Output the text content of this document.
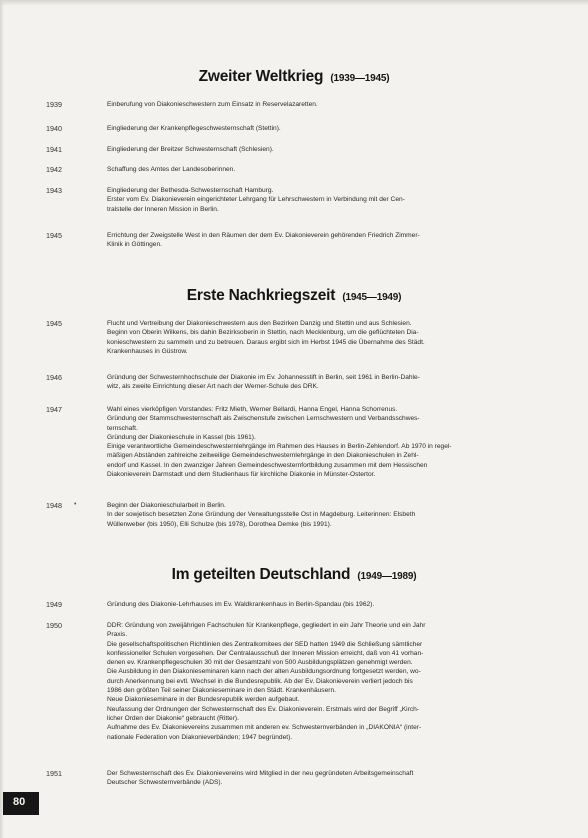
Zweiter Weltkrieg (1939—1945)
1939	Einberufung von Diakonieschwestern zum Einsatz in Reservelazaretten.
1940	Eingliederung der Krankenpflegeschwesternschaft (Stettin).
1941	Eingliederung der Breitzer Schwesternschaft (Schlesien).
1942	Schaffung des Amtes der Landesoberinnen.
1943	Eingliederung der Bethesda-Schwesternschaft Hamburg.
Erster vom Ev. Diakonieverein eingerichteter Lehrgang für Lehrschwestern in Verbindung mit der Cen-
tralstelle der Inneren Mission in Berlin.
1945	Errichtung der Zweigstelle West in den Räumen der dem Ev. Diakonieverein gehörenden Friedrich Zimmer-
Klinik in Göttingen.
Erste Nachkriegszeit (1945—1949)
1945	Flucht und Vertreibung der Diakonieschwestern aus den Bezirken Danzig und Stettin und aus Schlesien.
Beginn von Oberin Wilkens, bis dahin Bezirksoberin in Stettin, nach Mecklenburg, um die geflüchteten Dia-
konieschwestern zu sammeln und zu betreuen. Daraus ergibt sich im Herbst 1945 die Übernahme des Städt.
Krankenhauses in Güstrow.
1946	Gründung der Schwesternhochschule der Diakonie im Ev. Johannesstift in Berlin, seit 1961 in Berlin-Dahle-
witz, als zweite Einrichtung dieser Art nach der Werner-Schule des DRK.
1947	Wahl eines vierköpfigen Vorstandes: Fritz Mieth, Werner Bellardi, Hanna Engel, Hanna Schorrenus.
Gründung der Stammschwesternschaft als Zwischenstufe zwischen Lernschwestern und Verbandsschwes-
ternschaft.
Gründung der Diakonieschule in Kassel (bis 1961).
Einige verantwortliche Gemeindeschwesternlehrgänge im Rahmen des Hauses in Berlin-Zehlendorf. Ab 1970 in regel-
mäßigen Abständen zahlreiche zeitweilige Gemeindeschwesternlehrgänge in den Diakonieschulen in Zehl-
endorf und Kassel. In den zwanziger Jahren Gemeindeschwesternfortbildung zusammen mit dem Hessischen
Diakonieverein Darmstadt und dem Studienhaus für kirchliche Diakonie in Münster-Ostertor.
1948 •	Beginn der Diakonieschularbeit in Berlin.
In der sowjetisch besetzten Zone Gründung der Verwaltungsstelle Ost in Magdeburg. Leiterinnen: Elsbeth
Wüllenweber (bis 1950), Elli Schulze (bis 1978), Dorothea Demke (bis 1991).
Im geteilten Deutschland (1949—1989)
1949	Gründung des Diakonie-Lehrhauses im Ev. Waldkrankenhaus in Berlin-Spandau (bis 1962).
1950	DDR: Gründung von zweijährigen Fachschulen für Krankenpflege, gegliedert in ein Jahr Theorie und ein Jahr
Praxis.
Die gesellschaftspolitischen Richtlinien des Zentralkomitees der SED hatten 1949 die Schließung sämtlicher
konfessioneller Schulen vorgesehen. Der Centralausschuß der Inneren Mission erreicht, daß von 41 vorhan-
denen ev. Krankenpflegeschulen 30 mit der Gesamtzahl von 500 Ausbildungsplätzen genehmigt werden.
Die Ausbildung in den Diakonieseminaren kann nach der alten Ausbildungsordnung fortgesetzt werden, wo-
durch Anerkennung bei evtl. Wechsel in die Bundesrepublik. Ab der Ev. Diakonieverein verliert jedoch bis
1986 den größten Teil seiner Diakonieseminare in den Städt. Krankenhäusern.
Neue Diakonieseminare in der Bundesrepublik werden aufgebaut.
Neufassung der Ordnungen der Schwesternschaft des Ev. Diakonieverein. Erstmals wird der Begriff „Kirch-
licher Orden der Diakonie“ gebraucht (Ritter).
Aufnahme des Ev. Diakonievereins zusammen mit anderen ev. Schwesternverbänden in „DIAKONIA“ (inter-
nationale Federation von Diakonieverbänden; 1947 begründet).
1951	Der Schwesternschaft des Ev. Diakonievereins wird Mitglied in der neu gegründeten Arbeitsgemeinschaft
Deutscher Schwesternverbände (ADS).
80
